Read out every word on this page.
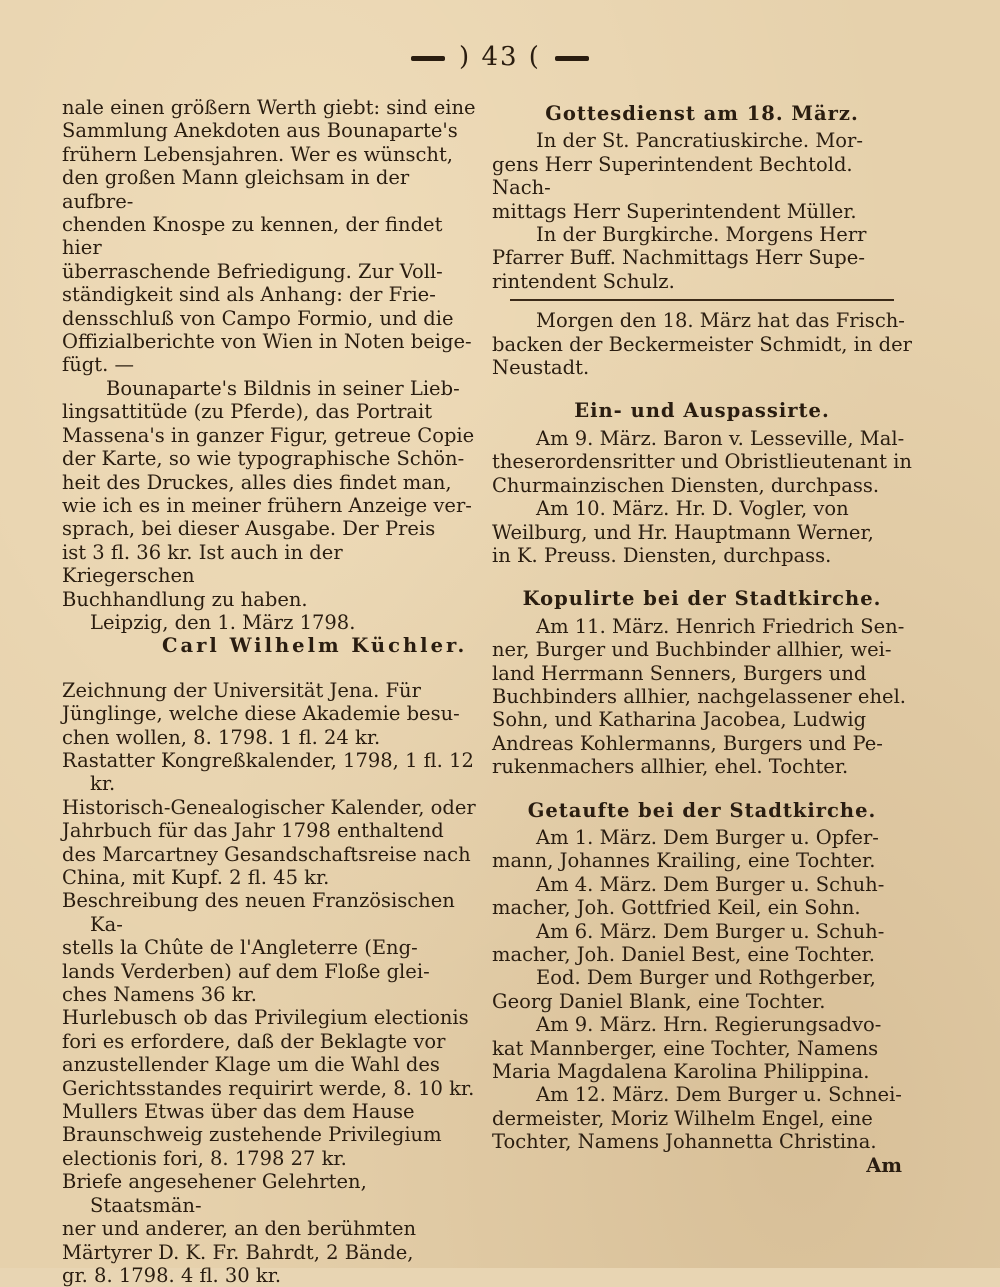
) 43 (

nale einen größern Werth giebt: sind eine

Sammlung Anekdoten aus Bounaparte's

frühern Lebensjahren. Wer es wünscht,

den großen Mann gleichsam in der aufbre-

chenden Knospe zu kennen, der findet hier

überraschende Befriedigung. Zur Voll-

ständigkeit sind als Anhang: der Frie-

densschluß von Campo Formio, und die

Offizialberichte von Wien in Noten beige-

fügt. —

Bounaparte's Bildnis in seiner Lieb-

lingsattitüde (zu Pferde), das Portrait

Massena's in ganzer Figur, getreue Copie

der Karte, so wie typographische Schön-

heit des Druckes, alles dies findet man,

wie ich es in meiner frühern Anzeige ver-

sprach, bei dieser Ausgabe. Der Preis

ist 3 fl. 36 kr. Ist auch in der Kriegerschen

Buchhandlung zu haben.

Leipzig, den 1. März 1798.

Carl Wilhelm Küchler.

Zeichnung der Universität Jena. Für

Jünglinge, welche diese Akademie besu-

chen wollen, 8. 1798. 1 fl. 24 kr.

Rastatter Kongreßkalender, 1798, 1 fl. 12 kr.

Historisch-Genealogischer Kalender, oder

Jahrbuch für das Jahr 1798 enthaltend

des Marcartney Gesandschaftsreise nach

China, mit Kupf. 2 fl. 45 kr.

Beschreibung des neuen Französischen Ka-

stells la Chûte de l'Angleterre (Eng-

lands Verderben) auf dem Floße glei-

ches Namens 36 kr.

Hurlebusch ob das Privilegium electionis

fori es erfordere, daß der Beklagte vor

anzustellender Klage um die Wahl des

Gerichtsstandes requirirt werde, 8. 10 kr.

Mullers Etwas über das dem Hause

Braunschweig zustehende Privilegium

electionis fori, 8. 1798 27 kr.

Briefe angesehener Gelehrten, Staatsmän-

ner und anderer, an den berühmten

Märtyrer D. K. Fr. Bahrdt, 2 Bände,

gr. 8. 1798. 4 fl. 30 kr.

Gottesdienst am 18. März.

In der St. Pancratiuskirche. Mor-

gens Herr Superintendent Bechtold. Nach-

mittags Herr Superintendent Müller.

In der Burgkirche. Morgens Herr

Pfarrer Buff. Nachmittags Herr Supe-

rintendent Schulz.

Morgen den 18. März hat das Frisch-

backen der Beckermeister Schmidt, in der

Neustadt.

Ein- und Auspassirte.

Am 9. März. Baron v. Lesseville, Mal-

theserordensritter und Obristlieutenant in

Churmainzischen Diensten, durchpass.

Am 10. März. Hr. D. Vogler, von

Weilburg, und Hr. Hauptmann Werner,

in K. Preuss. Diensten, durchpass.

Kopulirte bei der Stadtkirche.

Am 11. März. Henrich Friedrich Sen-

ner, Burger und Buchbinder allhier, wei-

land Herrmann Senners, Burgers und

Buchbinders allhier, nachgelassener ehel.

Sohn, und Katharina Jacobea, Ludwig

Andreas Kohlermanns, Burgers und Pe-

rukenmachers allhier, ehel. Tochter.

Getaufte bei der Stadtkirche.

Am 1. März. Dem Burger u. Opfer-

mann, Johannes Krailing, eine Tochter.

Am 4. März. Dem Burger u. Schuh-

macher, Joh. Gottfried Keil, ein Sohn.

Am 6. März. Dem Burger u. Schuh-

macher, Joh. Daniel Best, eine Tochter.

Eod. Dem Burger und Rothgerber,

Georg Daniel Blank, eine Tochter.

Am 9. März. Hrn. Regierungsadvo-

kat Mannberger, eine Tochter, Namens

Maria Magdalena Karolina Philippina.

Am 12. März. Dem Burger u. Schnei-

dermeister, Moriz Wilhelm Engel, eine

Tochter, Namens Johannetta Christina.

Am
